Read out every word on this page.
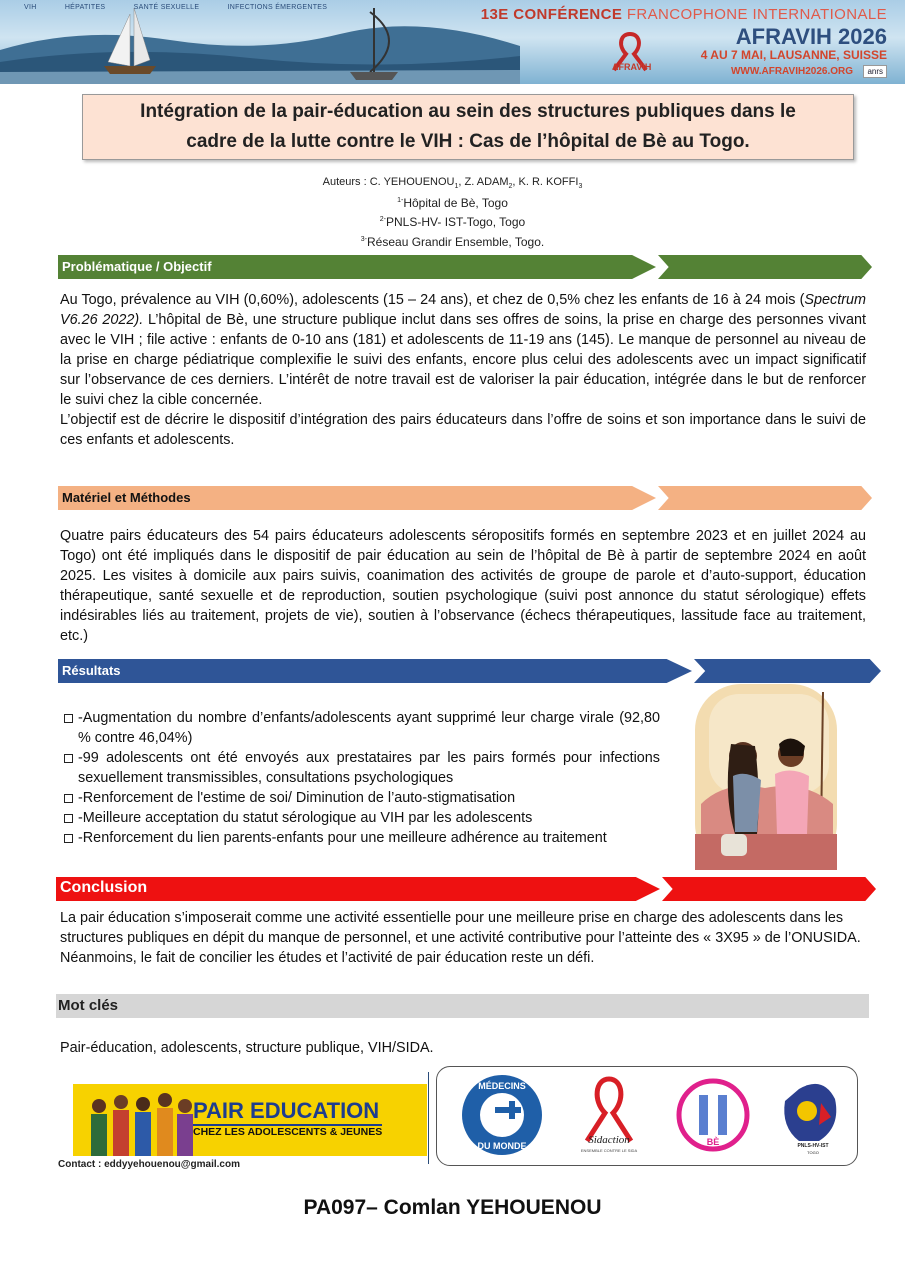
VIH	HÉPATITES	SANTÉ SEXUELLE	INFECTIONS ÉMERGENTES
AFRAVIH
13E CONFÉRENCE FRANCOPHONE INTERNATIONALE
AFRAVIH 2026
4 AU 7 MAI, LAUSANNE, SUISSE
WWW.AFRAVIH2026.ORG	anrs
Intégration de la pair-éducation au sein des structures publiques dans le
cadre de la lutte contre le VIH : Cas de l’hôpital de Bè au Togo.
Auteurs : C. $YEHOUENOU_1$, Z. $ADAM_2$, K. R. $KOFFI_3$
$^{1-}$Hôpital de Bè, Togo
$^{2-}$PNLS-HV- IST-Togo, Togo
$^{3-}$Réseau Grandir Ensemble, Togo.
Problématique / Objectif

Au Togo, prévalence au VIH (0,60%), adolescents (15 – 24 ans), et chez de 0,5% chez les enfants de 16 à 24 mois (Spectrum V6.26 2022). L’hôpital de Bè, une structure publique inclut dans ses offres de soins, la prise en charge des personnes vivant avec le VIH ; file active : enfants de 0-10 ans (181) et adolescents de 11-19 ans (145). Le manque de personnel au niveau de la prise en charge pédiatrique complexifie le suivi des enfants, encore plus celui des adolescents avec un impact significatif sur l’observance de ces derniers. L’intérêt de notre travail est de valoriser la pair éducation, intégrée dans le but de renforcer le suivi chez la cible concernée.

L’objectif est de décrire le dispositif d’intégration des pairs éducateurs dans l’offre de soins et son importance dans le suivi de ces enfants et adolescents.

Matériel et Méthodes

Quatre pairs éducateurs des 54 pairs éducateurs adolescents séropositifs formés en septembre 2023 et en juillet 2024 au Togo) ont été impliqués dans le dispositif de pair éducation au sein de l’hôpital de Bè à partir de septembre 2024 en août 2025. Les visites à domicile aux pairs suivis, coanimation des activités de groupe de parole et d’auto-support, éducation thérapeutique, santé sexuelle et de reproduction, soutien psychologique (suivi post annonce du statut sérologique) effets indésirables liés au traitement, projets de vie), soutien à l’observance (échecs thérapeutiques, lassitude face au traitement, etc.)

Résultats
-Augmentation du nombre d’enfants/adolescents ayant supprimé leur charge virale (92,80 % contre 46,04%)
-99 adolescents ont été envoyés aux prestataires par les pairs formés pour infections sexuellement transmissibles, consultations psychologiques
-Renforcement de l'estime de soi/ Diminution de l’auto-stigmatisation
-Meilleure acceptation du statut sérologique au VIH par les adolescents
-Renforcement du lien parents-enfants pour une meilleure adhérence au traitement
Conclusion

La pair éducation s’imposerait comme une activité essentielle pour une meilleure prise en charge des adolescents dans les structures publiques en dépit du manque de personnel, et une activité contributive pour l’atteinte des « 3X95 » de l’ONUSIDA.

Néanmoins, le fait de concilier les études et l’activité de pair éducation reste un défi.

Mot clés
Pair-éducation, adolescents, structure publique, VIH/SIDA.
PAIR EDUCATION
CHEZ LES ADOLESCENTS & JEUNES
MÉDECINS
DU MONDE	Sidaction
ENSEMBLE CONTRE LE SIDA
BÈ	PNLS-HV-IST
TOGO
Contact : eddyyehouenou@gmail.com
PA097– Comlan YEHOUENOU
